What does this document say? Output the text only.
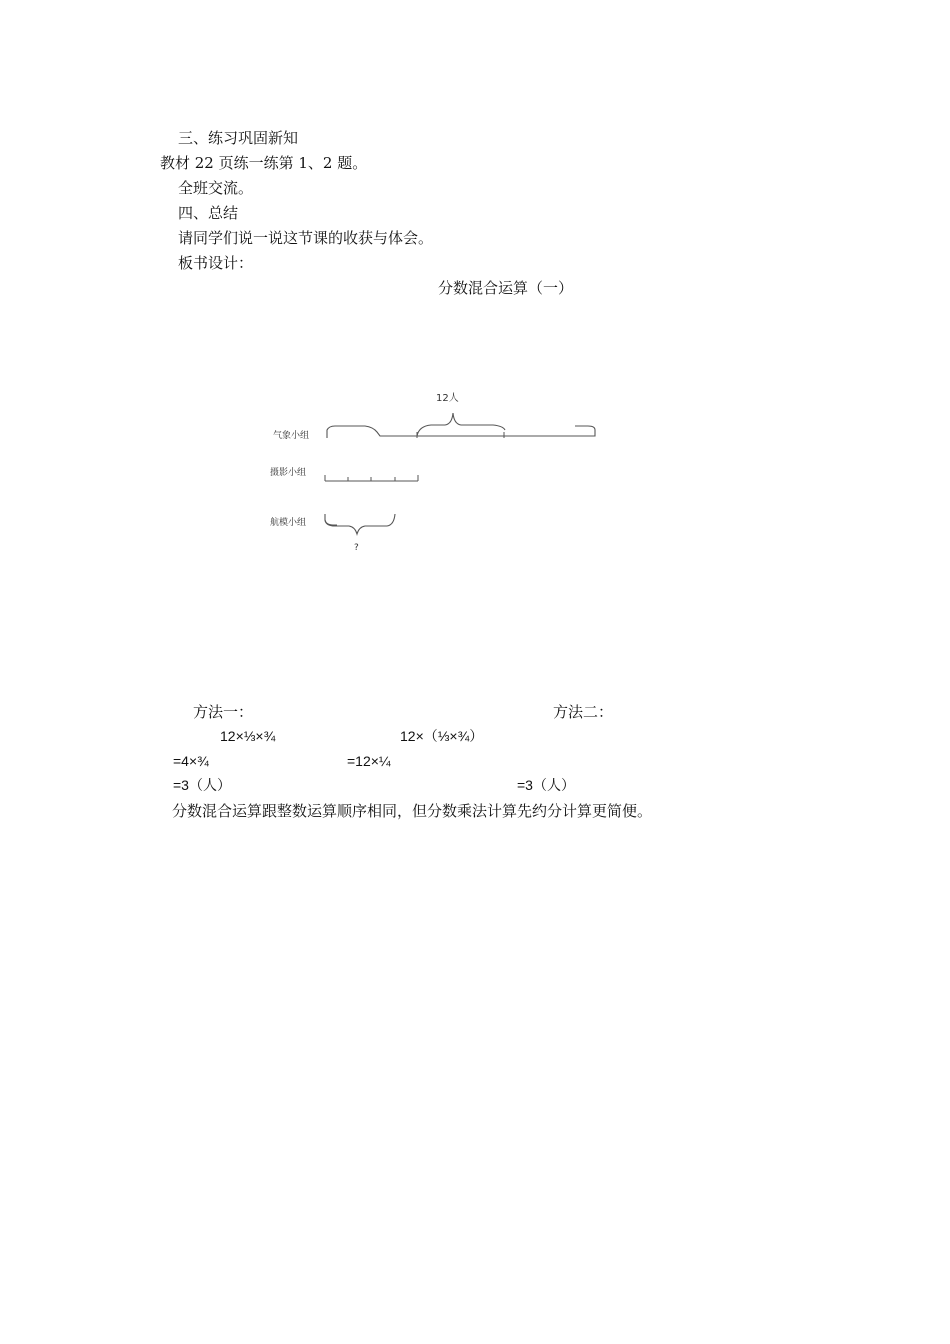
三、练习巩固新知
教材 22 页练一练第 1、2 题。
全班交流。
四、总结
请同学们说一说这节课的收获与体会。
板书设计：
分数混合运算（一）
12人
气象小组
摄影小组
航模小组
?
方法一：	方法二：
12×⅓×¾	12×（⅓×¾）
=4×¾	=12×¼
=3（人）	=3（人）
分数混合运算跟整数运算顺序相同，但分数乘法计算先约分计算更简便。
